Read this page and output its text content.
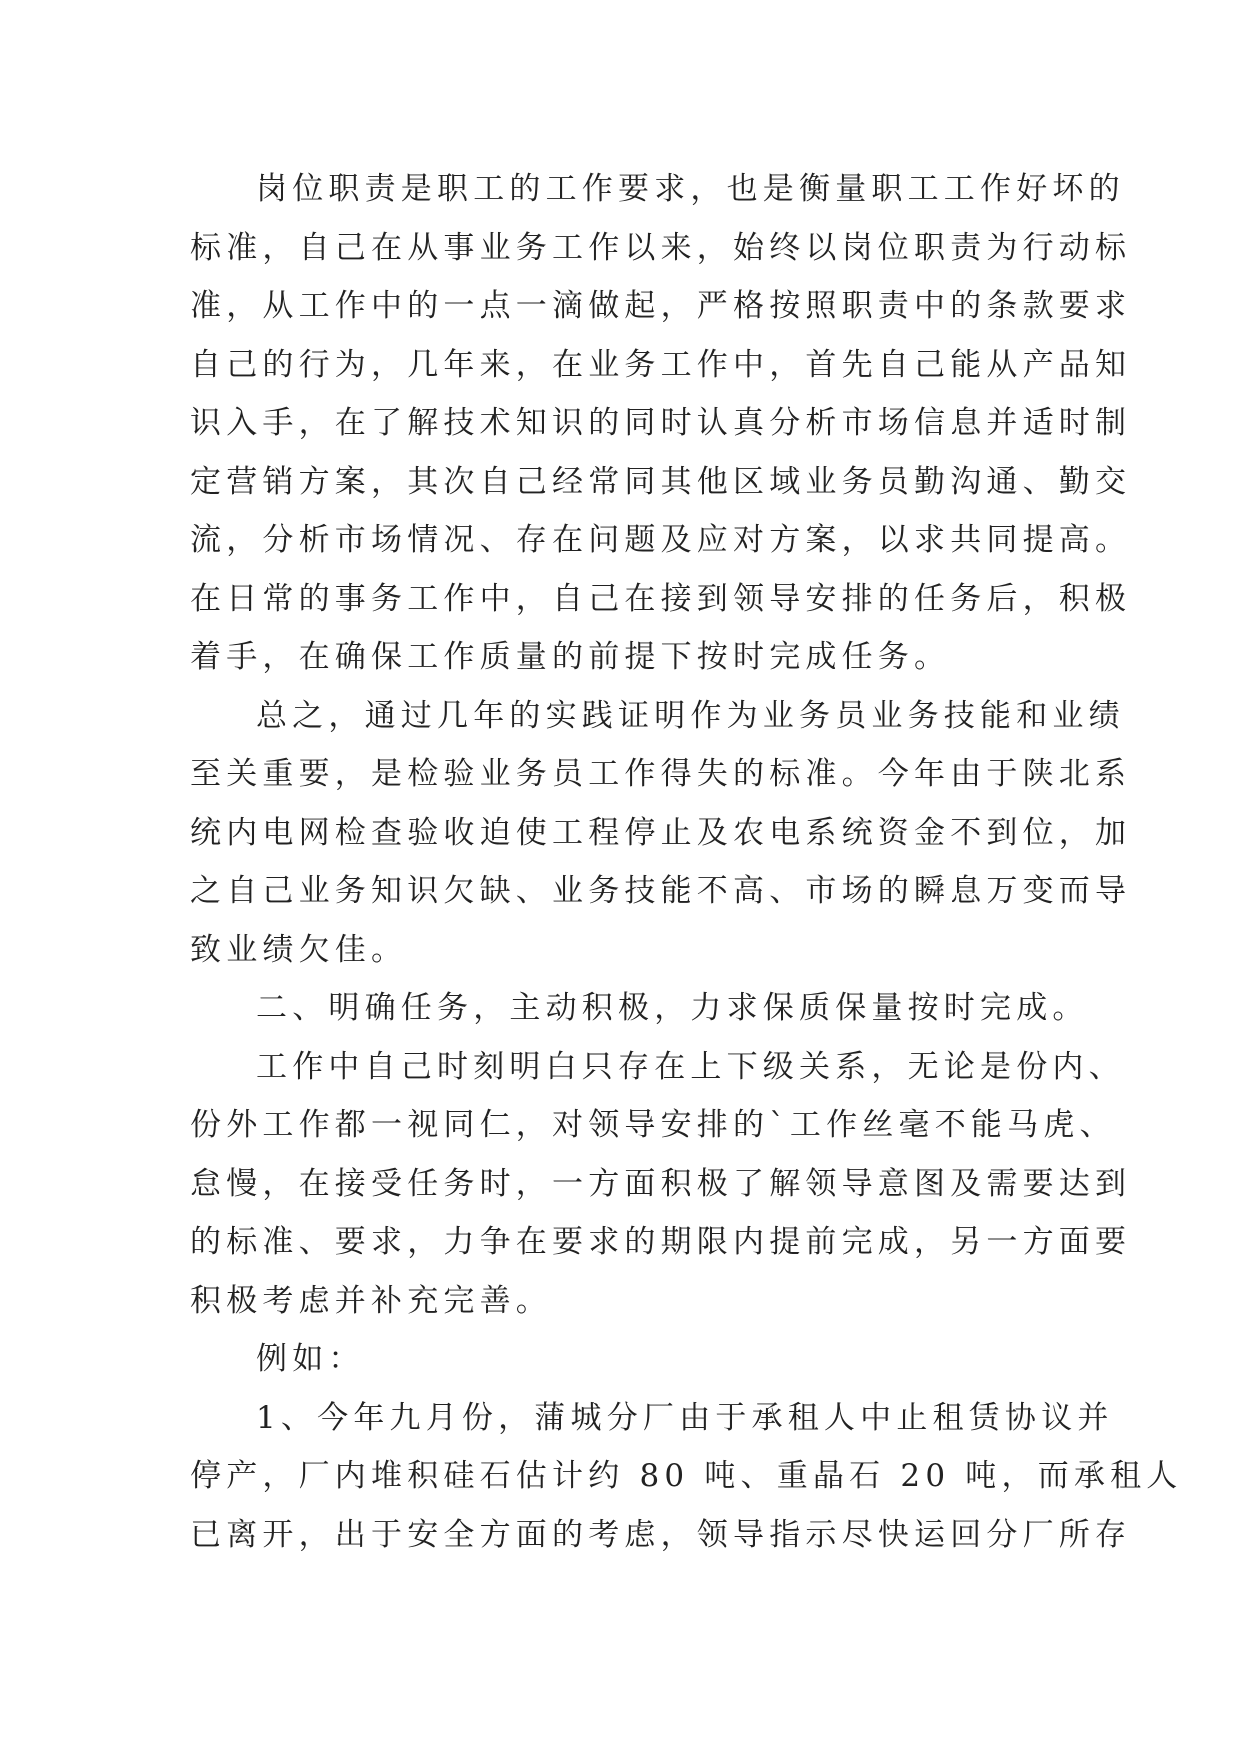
岗位职责是职工的工作要求，也是衡量职工工作好坏的
标准，自己在从事业务工作以来，始终以岗位职责为行动标
准，从工作中的一点一滴做起，严格按照职责中的条款要求
自己的行为，几年来，在业务工作中，首先自己能从产品知
识入手，在了解技术知识的同时认真分析市场信息并适时制
定营销方案，其次自己经常同其他区域业务员勤沟通、勤交
流，分析市场情况、存在问题及应对方案，以求共同提高。
在日常的事务工作中，自己在接到领导安排的任务后，积极
着手，在确保工作质量的前提下按时完成任务。
总之，通过几年的实践证明作为业务员业务技能和业绩
至关重要，是检验业务员工作得失的标准。今年由于陕北系
统内电网检查验收迫使工程停止及农电系统资金不到位，加
之自己业务知识欠缺、业务技能不高、市场的瞬息万变而导
致业绩欠佳。
二、明确任务，主动积极，力求保质保量按时完成。
工作中自己时刻明白只存在上下级关系，无论是份内、
份外工作都一视同仁，对领导安排的`工作丝毫不能马虎、
怠慢，在接受任务时，一方面积极了解领导意图及需要达到
的标准、要求，力争在要求的期限内提前完成，另一方面要
积极考虑并补充完善。
例如：
1、今年九月份，蒲城分厂由于承租人中止租赁协议并
停产，厂内堆积硅石估计约 80 吨、重晶石 20 吨，而承租人
已离开，出于安全方面的考虑，领导指示尽快运回分厂所存
